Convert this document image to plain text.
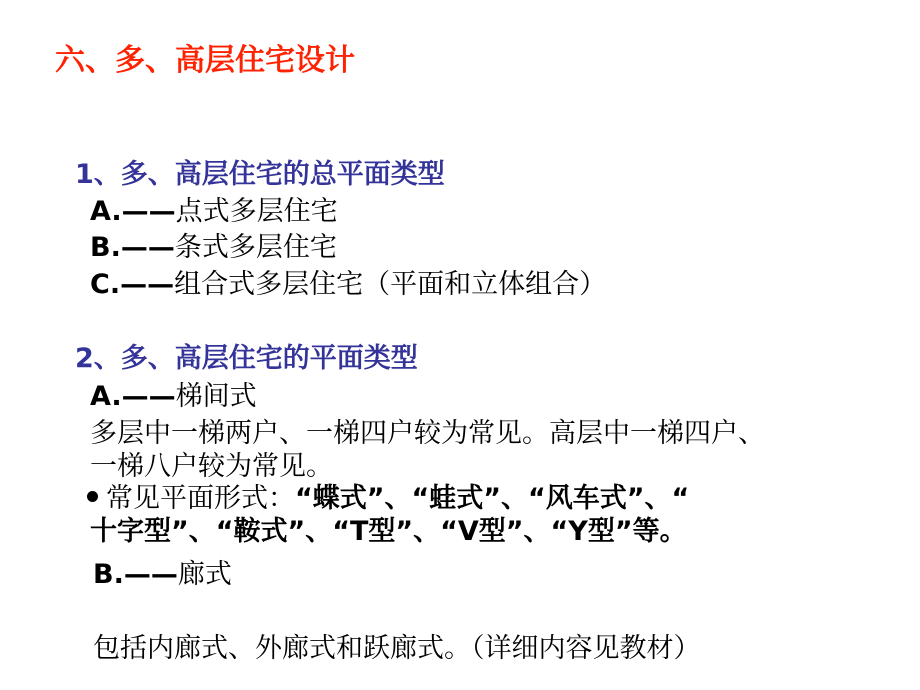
六、多、高层住宅设计
1、多、高层住宅的总平面类型
A.——点式多层住宅
B.——条式多层住宅
C.——组合式多层住宅（平面和立体组合）
2、多、高层住宅的平面类型
A.——梯间式
多层中一梯两户、一梯四户较为常见。高层中一梯四户、
一梯八户较为常见。
常见平面形式：“蝶式”、“蛙式”、“风车式”、“
十字型”、“鞍式”、“T型”、“V型”、“Y型”等。
B.——廊式
包括内廊式、外廊式和跃廊式。（详细内容见教材）
